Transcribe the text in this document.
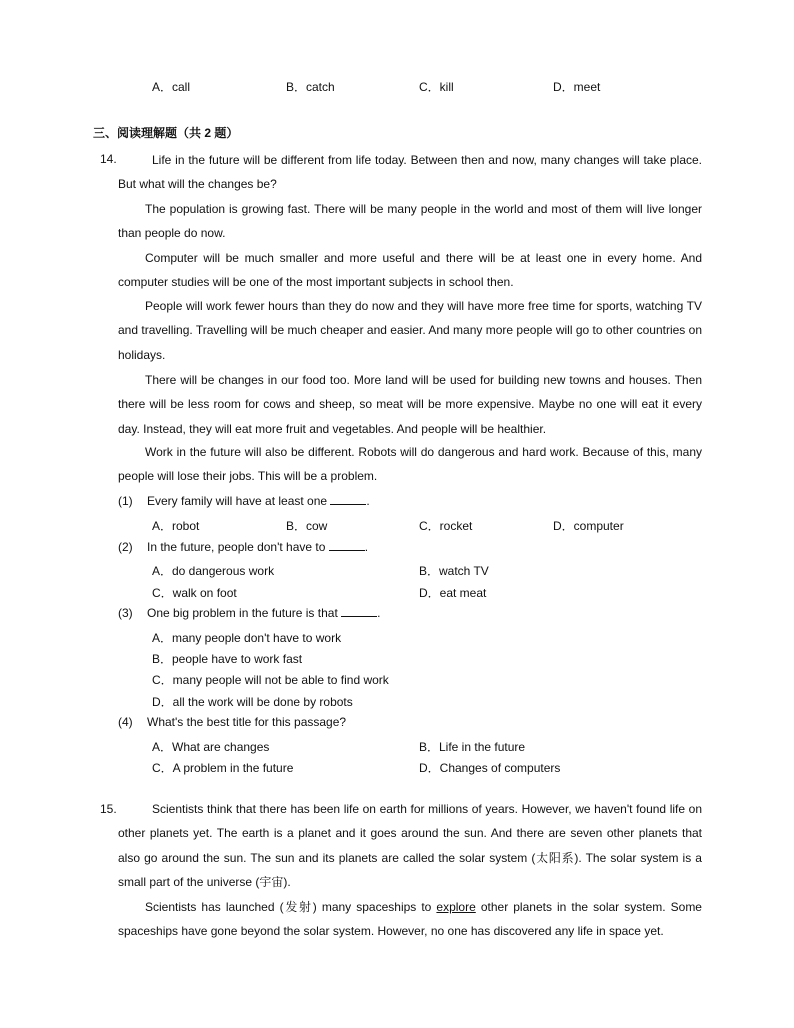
A．call	B．catch	C．kill	D．meet
三、阅读理解题（共 2 题）
14.	Life in the future will be different from life today. Between then and now, many changes will take place. But what will the changes be?
The population is growing fast. There will be many people in the world and most of them will live longer than people do now.
Computer will be much smaller and more useful and there will be at least one in every home. And computer studies will be one of the most important subjects in school then.
People will work fewer hours than they do now and they will have more free time for sports, watching TV and travelling. Travelling will be much cheaper and easier. And many more people will go to other countries on holidays.
There will be changes in our food too. More land will be used for building new towns and houses. Then there will be less room for cows and sheep, so meat will be more expensive. Maybe no one will eat it every day. Instead, they will eat more fruit and vegetables. And people will be healthier.
Work in the future will also be different. Robots will do dangerous and hard work. Because of this, many people will lose their jobs. This will be a problem.
(1) Every family will have at least one	.
A．robot	B．cow	C．rocket	D．computer
(2) In the future, people don't have to	.
A．do dangerous work	B．watch TV
C．walk on foot	D．eat meat
(3) One big problem in the future is that	.
A．many people don't have to work
B．people have to work fast
C．many people will not be able to find work
D．all the work will be done by robots
(4) What's the best title for this passage?
A．What are changes	B．Life in the future
C．A problem in the future	D．Changes of computers
15.	Scientists think that there has been life on earth for millions of years. However, we haven't found life on other planets yet. The earth is a planet and it goes around the sun. And there are seven other planets that also go around the sun. The sun and its planets are called the solar system (太阳系). The solar system is a small part of the universe (宇宙).
Scientists has launched (发射) many spaceships to explore other planets in the solar system. Some spaceships have gone beyond the solar system. However, no one has discovered any life in space yet.
